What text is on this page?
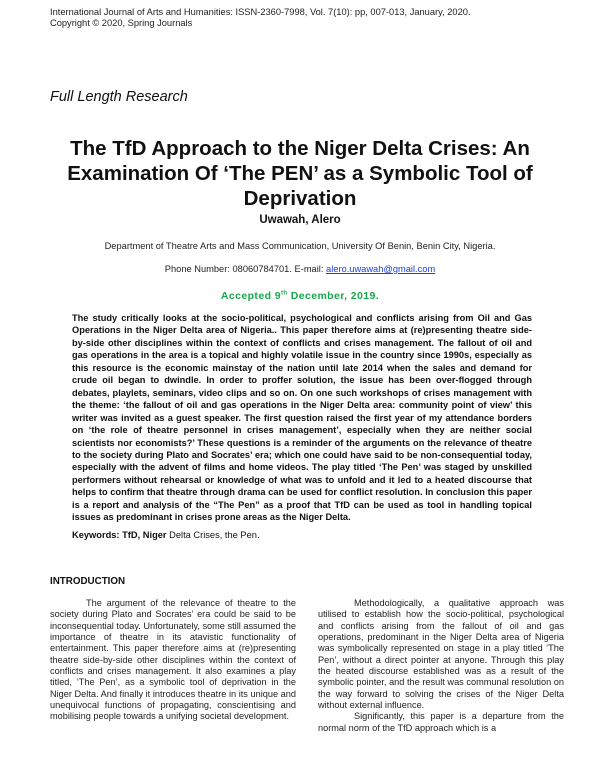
International Journal of Arts and Humanities: ISSN-2360-7998, Vol. 7(10): pp, 007-013, January, 2020.
Copyright © 2020, Spring Journals
Full Length Research
The TfD Approach to the Niger Delta Crises: An Examination Of ‘The PEN’ as a Symbolic Tool of Deprivation
Uwawah, Alero
Department of Theatre Arts and Mass Communication, University Of Benin, Benin City, Nigeria.
Phone Number: 08060784701. E-mail: alero.uwawah@gmail.com
Accepted 9th December, 2019.
The study critically looks at the socio-political, psychological and conflicts arising from Oil and Gas Operations in the Niger Delta area of Nigeria.. This paper therefore aims at (re)presenting theatre side-by-side other disciplines within the context of conflicts and crises management. The fallout of oil and gas operations in the area is a topical and highly volatile issue in the country since 1990s, especially as this resource is the economic mainstay of the nation until late 2014 when the sales and demand for crude oil began to dwindle. In order to proffer solution, the issue has been over-flogged through debates, playlets, seminars, video clips and so on. On one such workshops of crises management with the theme: ‘the fallout of oil and gas operations in the Niger Delta area: community point of view’ this writer was invited as a guest speaker. The first question raised the first year of my attendance borders on ‘the role of theatre personnel in crises management’, especially when they are neither social scientists nor economists?’ These questions is a reminder of the arguments on the relevance of theatre to the society during Plato and Socrates’ era; which one could have said to be non-consequential today, especially with the advent of films and home videos. The play titled ‘The Pen’ was staged by unskilled performers without rehearsal or knowledge of what was to unfold and it led to a heated discourse that helps to confirm that theatre through drama can be used for conflict resolution. In conclusion this paper is a report and analysis of the “The Pen” as a proof that TfD can be used as tool in handling topical issues as predominant in crises prone areas as the Niger Delta.
Keywords: TfD, Niger Delta Crises, the Pen.
INTRODUCTION

The argument of the relevance of theatre to the society during Plato and Socrates’ era could be said to be inconsequential today. Unfortunately, some still assumed the importance of theatre in its atavistic functionality of entertainment. This paper therefore aims at (re)presenting theatre side-by-side other disciplines within the context of conflicts and crises management. It also examines a play titled, ‘The Pen’, as a symbolic tool of deprivation in the Niger Delta. And finally it introduces theatre in its unique and unequivocal functions of propagating, conscientising and mobilising people towards a unifying societal development.

Methodologically, a qualitative approach was utilised to establish how the socio-political, psychological and conflicts arising from the fallout of oil and gas operations, predominant in the Niger Delta area of Nigeria was symbolically represented on stage in a play titled ‘The Pen’, without a direct pointer at anyone. Through this play the heated discourse established was as a result of the symbolic pointer, and the result was communal resolution on the way forward to solving the crises of the Niger Delta without external influence.

Significantly, this paper is a departure from the normal norm of the TfD approach which is a
